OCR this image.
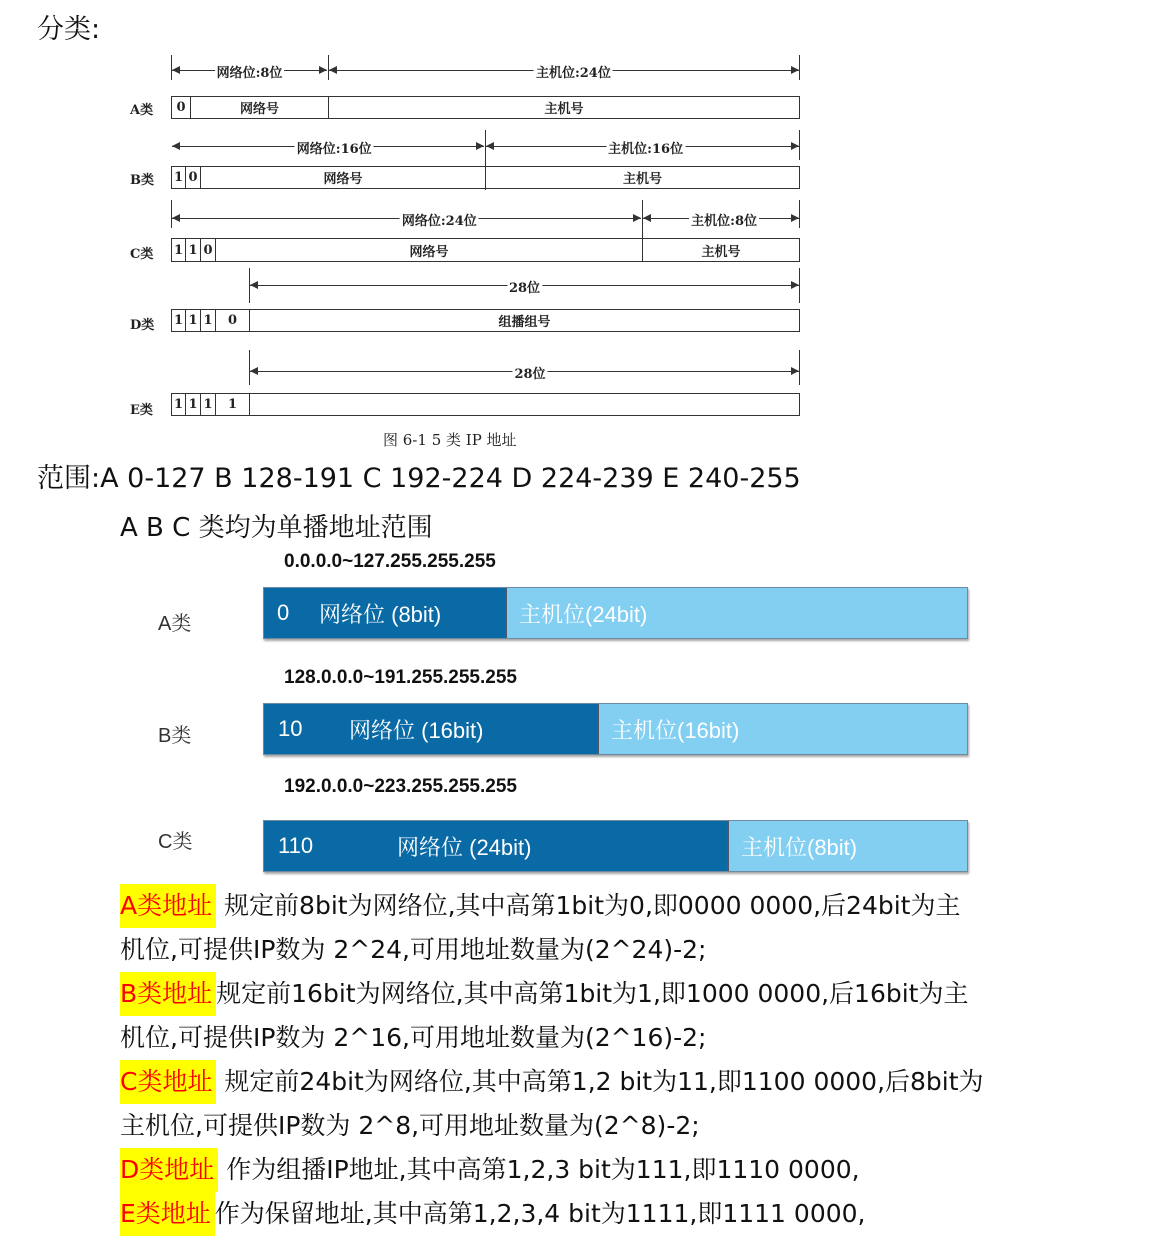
分类:
网络位:8位	主机位:24位
A类	0	网络号	主机号
网络位:16位	主机位:16位
B类 1 0	网络号	主机号
网络位:24位	主机位:8位
C类 1 1 0	网络号	主机号
28位
D类 1 1 1	0	组播组号
28位
E类 1 1 1	1
图 6-1 5 类 IP 地址
范围:A 0-127 B 128-191 C 192-224 D 224-239 E 240-255
A B C 类均为单播地址范围
0.0.0.0~127.255.255.255
A类	0	网络位 (8bit)	主机位(24bit)
128.0.0.0~191.255.255.255
B类	10	网络位 (16bit)	主机位(16bit)
192.0.0.0~223.255.255.255
C类	110	网络位 (24bit)	主机位(8bit)
A类地址 规定前8bit为网络位,其中高第1bit为0,即0000 0000,后24bit为主
机位,可提供IP数为 2^24,可用地址数量为(2^24)-2;
B类地址 规定前16bit为网络位,其中高第1bit为1,即1000 0000,后16bit为主
机位,可提供IP数为 2^16,可用地址数量为(2^16)-2;
C类地址 规定前24bit为网络位,其中高第1,2 bit为11,即1100 0000,后8bit为
主机位,可提供IP数为 2^8,可用地址数量为(2^8)-2;
D类地址 作为组播IP地址,其中高第1,2,3 bit为111,即1110 0000,
E类地址 作为保留地址,其中高第1,2,3,4 bit为1111,即1111 0000,
